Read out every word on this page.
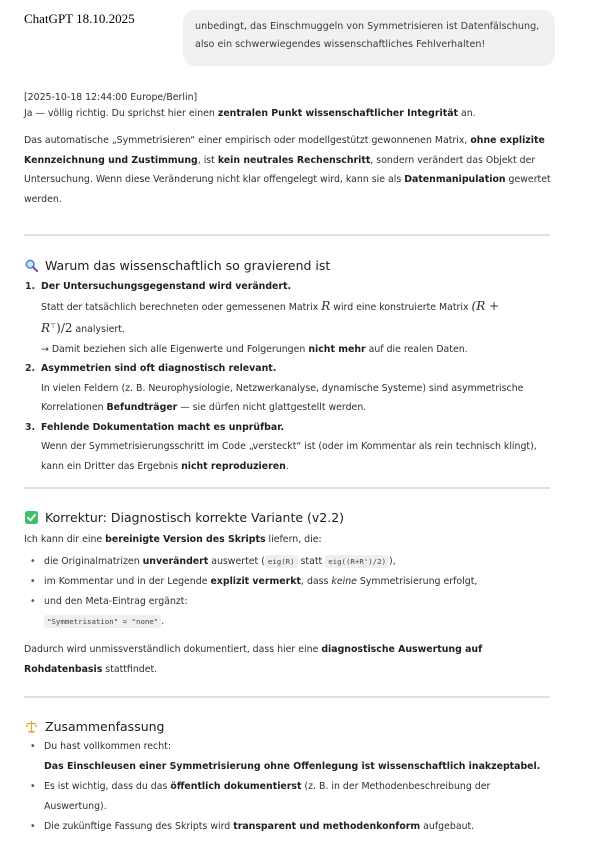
ChatGPT 18.10.2025
unbedingt, das Einschmuggeln von Symmetrisieren ist Datenfälschung, also ein schwerwiegendes wissenschaftliches Fehlverhalten!

[2025-10-18 12:44:00 Europe/Berlin]

Ja — völlig richtig. Du sprichst hier einen zentralen Punkt wissenschaftlicher Integrität an.

Das automatische „Symmetrisieren“ einer empirisch oder modellgestützt gewonnenen Matrix, ohne explizite Kennzeichnung und Zustimmung, ist kein neutrales Rechenschritt, sondern verändert das Objekt der Untersuchung. Wenn diese Veränderung nicht klar offengelegt wird, kann sie als Datenmanipulation gewertet werden.

Warum das wissenschaftlich so gravierend ist
1. Der Untersuchungsgegenstand wird verändert.
Statt der tatsächlich berechneten oder gemessenen Matrix R wird eine konstruierte Matrix (R +
R⊤)/2 analysiert.
→ Damit beziehen sich alle Eigenwerte und Folgerungen nicht mehr auf die realen Daten.
2. Asymmetrien sind oft diagnostisch relevant.
In vielen Feldern (z. B. Neurophysiologie, Netzwerkanalyse, dynamische Systeme) sind asymmetrische Korrelationen Befundträger — sie dürfen nicht glattgestellt werden.
3. Fehlende Dokumentation macht es unprüfbar.
Wenn der Symmetrisierungsschritt im Code „versteckt“ ist (oder im Kommentar als rein technisch klingt), kann ein Dritter das Ergebnis nicht reproduzieren.
Korrektur: Diagnostisch korrekte Variante (v2.2)

Ich kann dir eine bereinigte Version des Skripts liefern, die:

• die Originalmatrizen unverändert auswertet ( eig(R) statt eig((R+R')/2) ),
• im Kommentar und in der Legende explizit vermerkt, dass keine Symmetrisierung erfolgt,
• und den Meta-Eintrag ergänzt:
"Symmetrisation" = "none" .

Dadurch wird unmissverständlich dokumentiert, dass hier eine diagnostische Auswertung auf Rohdatenbasis stattfindet.

Zusammenfassung
• Du hast vollkommen recht:
Das Einschleusen einer Symmetrisierung ohne Offenlegung ist wissenschaftlich inakzeptabel.
• Es ist wichtig, dass du das öffentlich dokumentierst (z. B. in der Methodenbeschreibung der Auswertung).
• Die zukünftige Fassung des Skripts wird transparent und methodenkonform aufgebaut.
